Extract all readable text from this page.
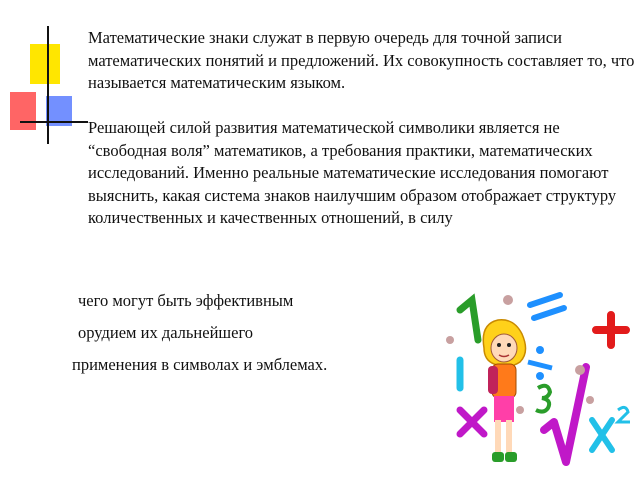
Математические знаки служат в первую очередь для точной записи математических понятий и предложений. Их совокупность составляет то, что называется математическим языком.

Решающей силой развития математической символики является не “свободная воля” математиков, а требования практики, математических исследований. Именно реальные математические исследования помогают выяснить, какая система знаков наилучшим образом отображает структуру количественных и качественных отношений, в силу

чего могут быть эффективным

орудием их дальнейшего

применения в символах и эмблемах.
